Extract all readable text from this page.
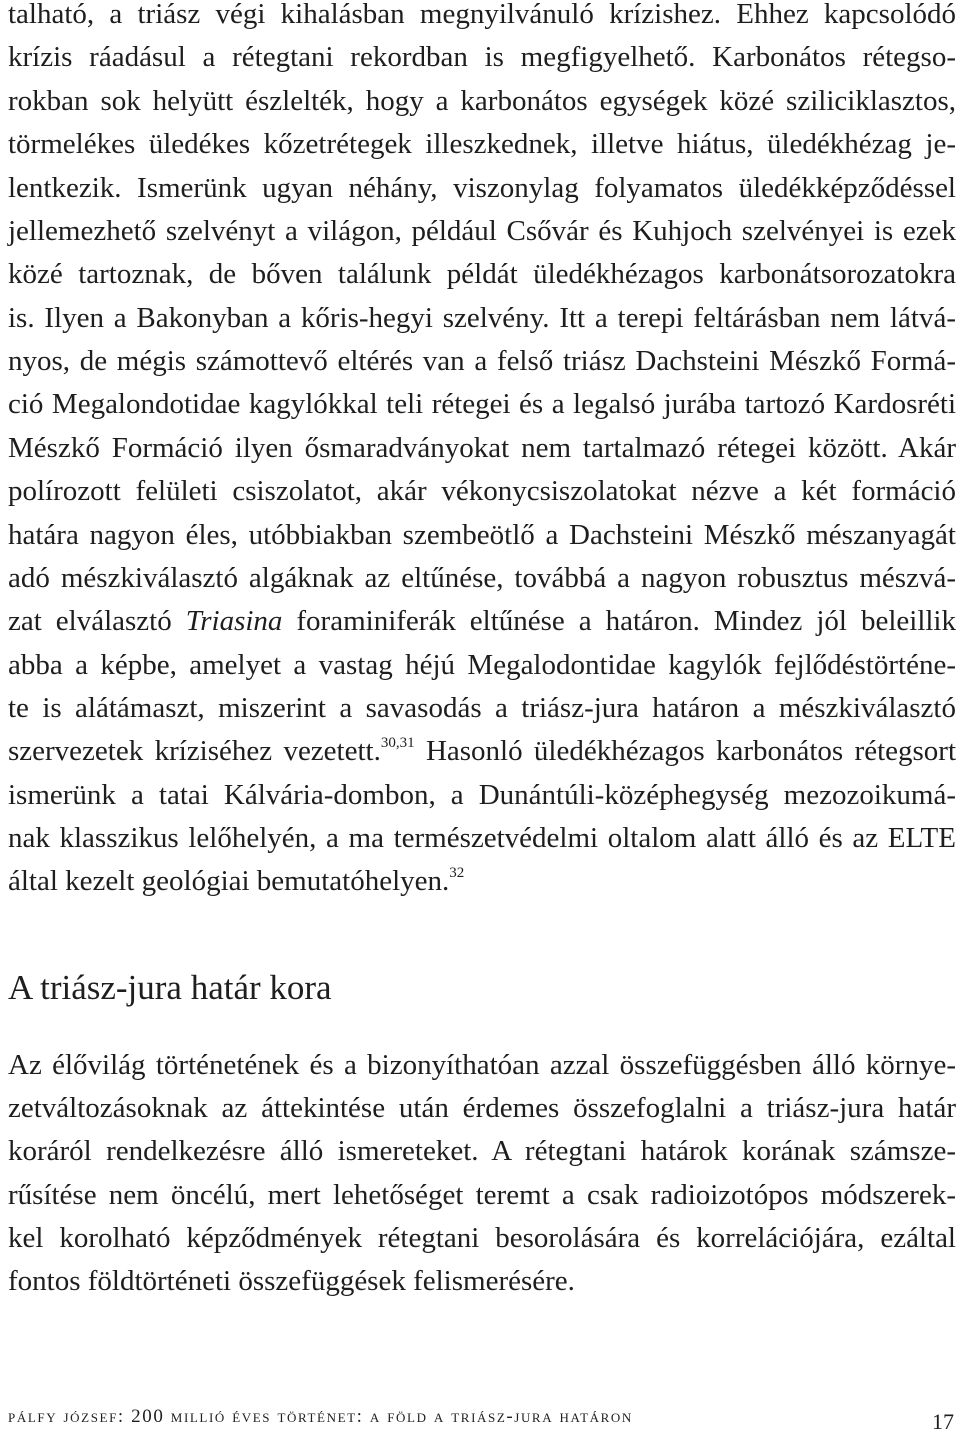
talható, a triász végi kihalásban megnyilvánuló krízishez. Ehhez kapcsolódó
krízis ráadásul a rétegtani rekordban is megfigyelhető. Karbonátos rétegso-
rokban sok helyütt észlelték, hogy a karbonátos egységek közé sziliciklasztos,
törmelékes üledékes kőzetrétegek illeszkednek, illetve hiátus, üledékhézag je-
lentkezik. Ismerünk ugyan néhány, viszonylag folyamatos üledékképződéssel
jellemezhető szelvényt a világon, például Csővár és Kuhjoch szelvényei is ezek
közé tartoznak, de bőven találunk példát üledékhézagos karbonátsorozatokra
is. Ilyen a Bakonyban a kőris-hegyi szelvény. Itt a terepi feltárásban nem látvá-
nyos, de mégis számottevő eltérés van a felső triász Dachsteini Mészkő Formá-
ció Megalondotidae kagylókkal teli rétegei és a legalsó jurába tartozó Kardosréti
Mészkő Formáció ilyen ősmaradványokat nem tartalmazó rétegei között. Akár
polírozott felületi csiszolatot, akár vékonycsiszolatokat nézve a két formáció
határa nagyon éles, utóbbiakban szembeötlő a Dachsteini Mészkő mészanyagát
adó mészkiválasztó algáknak az eltűnése, továbbá a nagyon robusztus mészvá-
zat elválasztó Triasina foraminiferák eltűnése a határon. Mindez jól beleillik
abba a képbe, amelyet a vastag héjú Megalodontidae kagylók fejlődéstörténe-
te is alátámaszt, miszerint a savasodás a triász-jura határon a mészkiválasztó
szervezetek kríziséhez vezetett.$^{30,31}$ Hasonló üledékhézagos karbonátos rétegsort
ismerünk a tatai Kálvária-dombon, a Dunántúli-középhegység mezozoikumá-
nak klasszikus lelőhelyén, a ma természetvédelmi oltalom alatt álló és az ELTE
által kezelt geológiai bemutatóhelyen.$^{32}$
A triász-jura határ kora
Az élővilág történetének és a bizonyíthatóan azzal összefüggésben álló környe-
zetváltozásoknak az áttekintése után érdemes összefoglalni a triász-jura határ
koráról rendelkezésre álló ismereteket. A rétegtani határok korának számsze-
rűsítése nem öncélú, mert lehetőséget teremt a csak radioizotópos módszerek-
kel korolható képződmények rétegtani besorolására és korrelációjára, ezáltal
fontos földtörténeti összefüggések felismerésére.
pálfy józsef: 200 millió éves történet: a föld a triász-jura határon	17
